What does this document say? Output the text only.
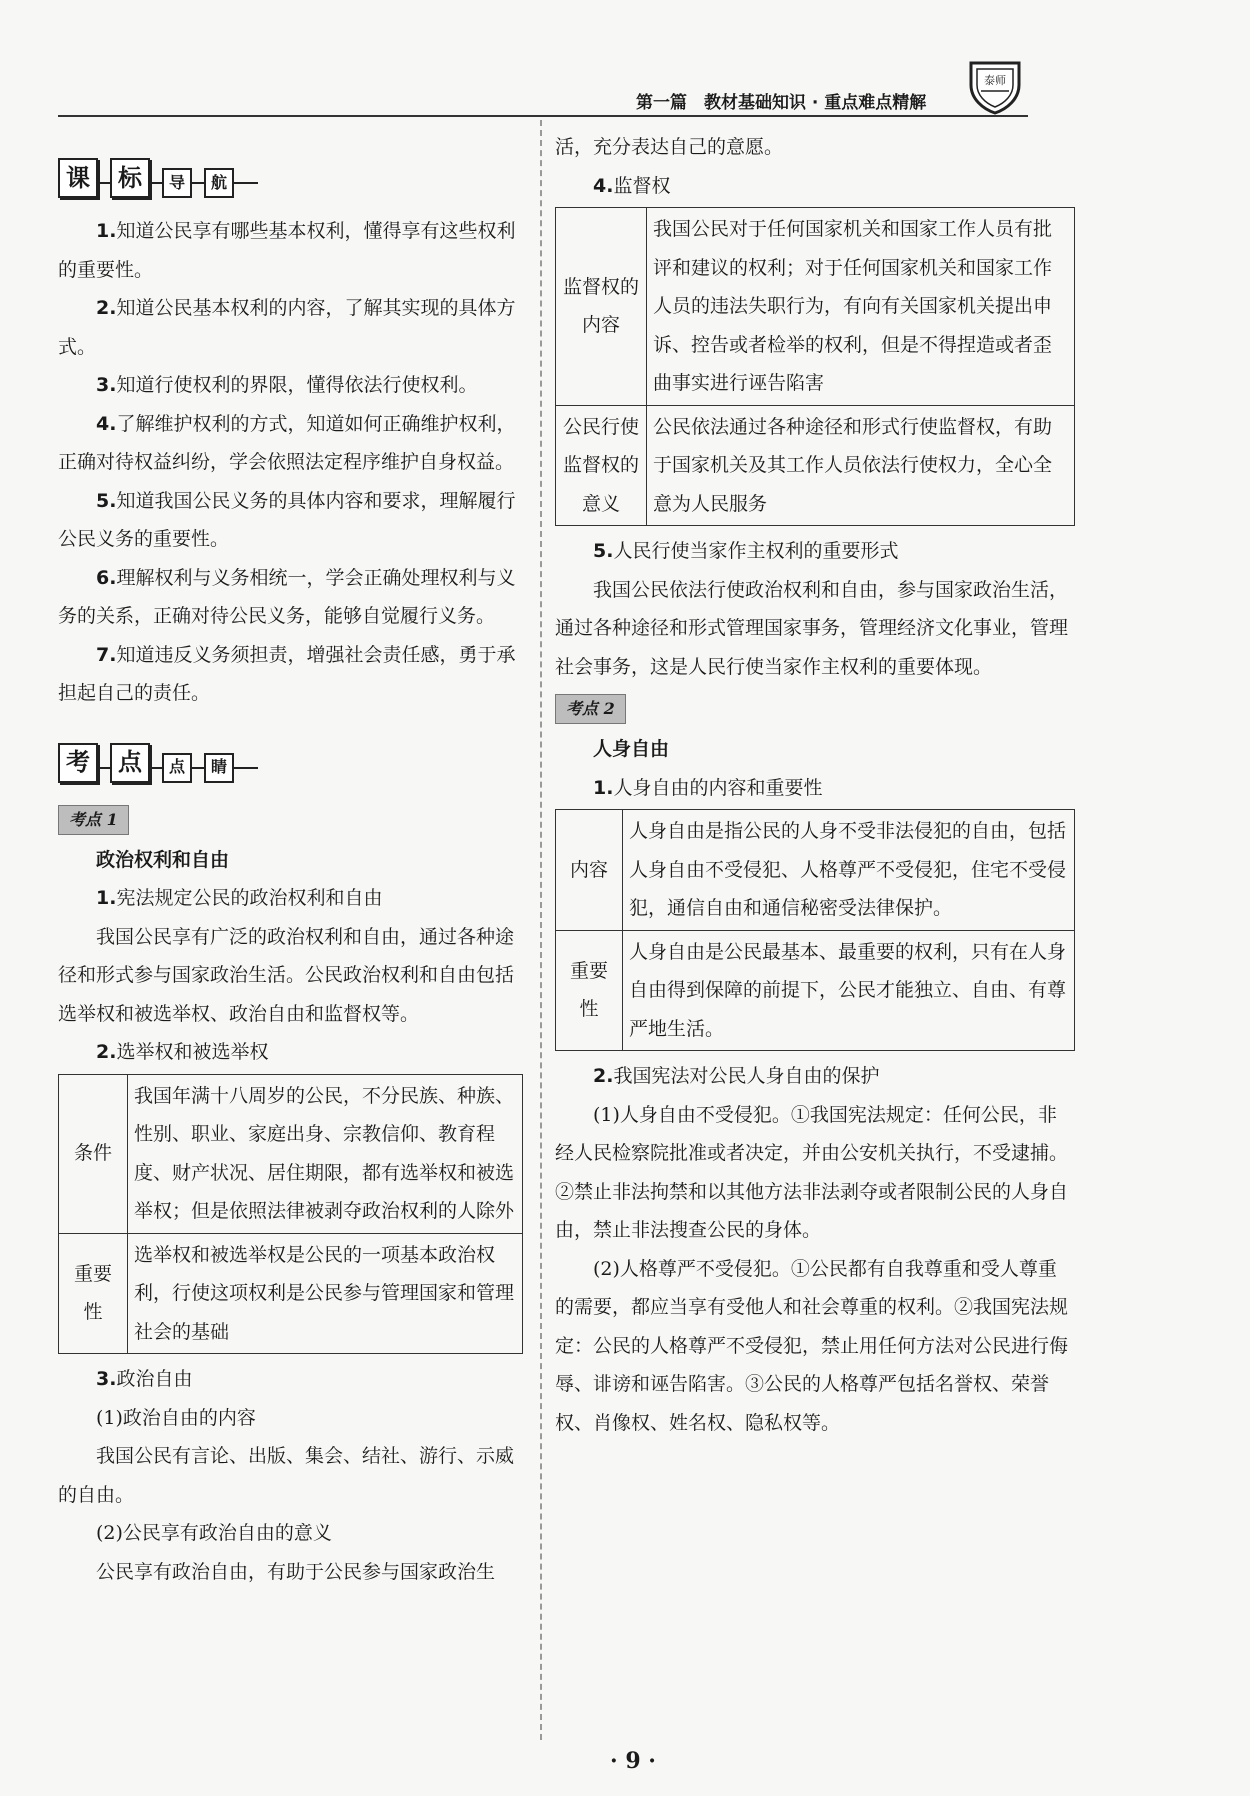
第一篇　教材基础知识 · 重点难点精解
泰师
课	标	导	航

1.知道公民享有哪些基本权利，懂得享有这些权利的重要性。

2.知道公民基本权利的内容，了解其实现的具体方式。

3.知道行使权利的界限，懂得依法行使权利。

4.了解维护权利的方式，知道如何正确维护权利，正确对待权益纠纷，学会依照法定程序维护自身权益。

5.知道我国公民义务的具体内容和要求，理解履行公民义务的重要性。

6.理解权利与义务相统一，学会正确处理权利与义务的关系，正确对待公民义务，能够自觉履行义务。

7.知道违反义务须担责，增强社会责任感，勇于承担起自己的责任。

考	点	点	睛
考点 1

政治权利和自由

1.宪法规定公民的政治权利和自由

我国公民享有广泛的政治权利和自由，通过各种途径和形式参与国家政治生活。公民政治权利和自由包括选举权和被选举权、政治自由和监督权等。

2.选举权和被选举权

条件	我国年满十八周岁的公民，不分民族、种族、性别、职业、家庭出身、宗教信仰、教育程度、财产状况、居住期限，都有选举权和被选举权；但是依照法律被剥夺政治权利的人除外
重要性	选举权和被选举权是公民的一项基本政治权利，行使这项权利是公民参与管理国家和管理社会的基础

3.政治自由

(1)政治自由的内容

我国公民有言论、出版、集会、结社、游行、示威的自由。

(2)公民享有政治自由的意义

公民享有政治自由，有助于公民参与国家政治生

活，充分表达自己的意愿。

4.监督权

监督权的内容	我国公民对于任何国家机关和国家工作人员有批评和建议的权利；对于任何国家机关和国家工作人员的违法失职行为，有向有关国家机关提出申诉、控告或者检举的权利，但是不得捏造或者歪曲事实进行诬告陷害
公民行使监督权的意义	公民依法通过各种途径和形式行使监督权，有助于国家机关及其工作人员依法行使权力，全心全意为人民服务

5.人民行使当家作主权利的重要形式

我国公民依法行使政治权利和自由，参与国家政治生活，通过各种途径和形式管理国家事务，管理经济文化事业，管理社会事务，这是人民行使当家作主权利的重要体现。

考点 2

人身自由

1.人身自由的内容和重要性

内容	人身自由是指公民的人身不受非法侵犯的自由，包括人身自由不受侵犯、人格尊严不受侵犯，住宅不受侵犯，通信自由和通信秘密受法律保护。
重要性	人身自由是公民最基本、最重要的权利，只有在人身自由得到保障的前提下，公民才能独立、自由、有尊严地生活。

2.我国宪法对公民人身自由的保护

(1)人身自由不受侵犯。①我国宪法规定：任何公民，非经人民检察院批准或者决定，并由公安机关执行，不受逮捕。②禁止非法拘禁和以其他方法非法剥夺或者限制公民的人身自由，禁止非法搜查公民的身体。

(2)人格尊严不受侵犯。①公民都有自我尊重和受人尊重的需要，都应当享有受他人和社会尊重的权利。②我国宪法规定：公民的人格尊严不受侵犯，禁止用任何方法对公民进行侮辱、诽谤和诬告陷害。③公民的人格尊严包括名誉权、荣誉权、肖像权、姓名权、隐私权等。

· 9 ·
